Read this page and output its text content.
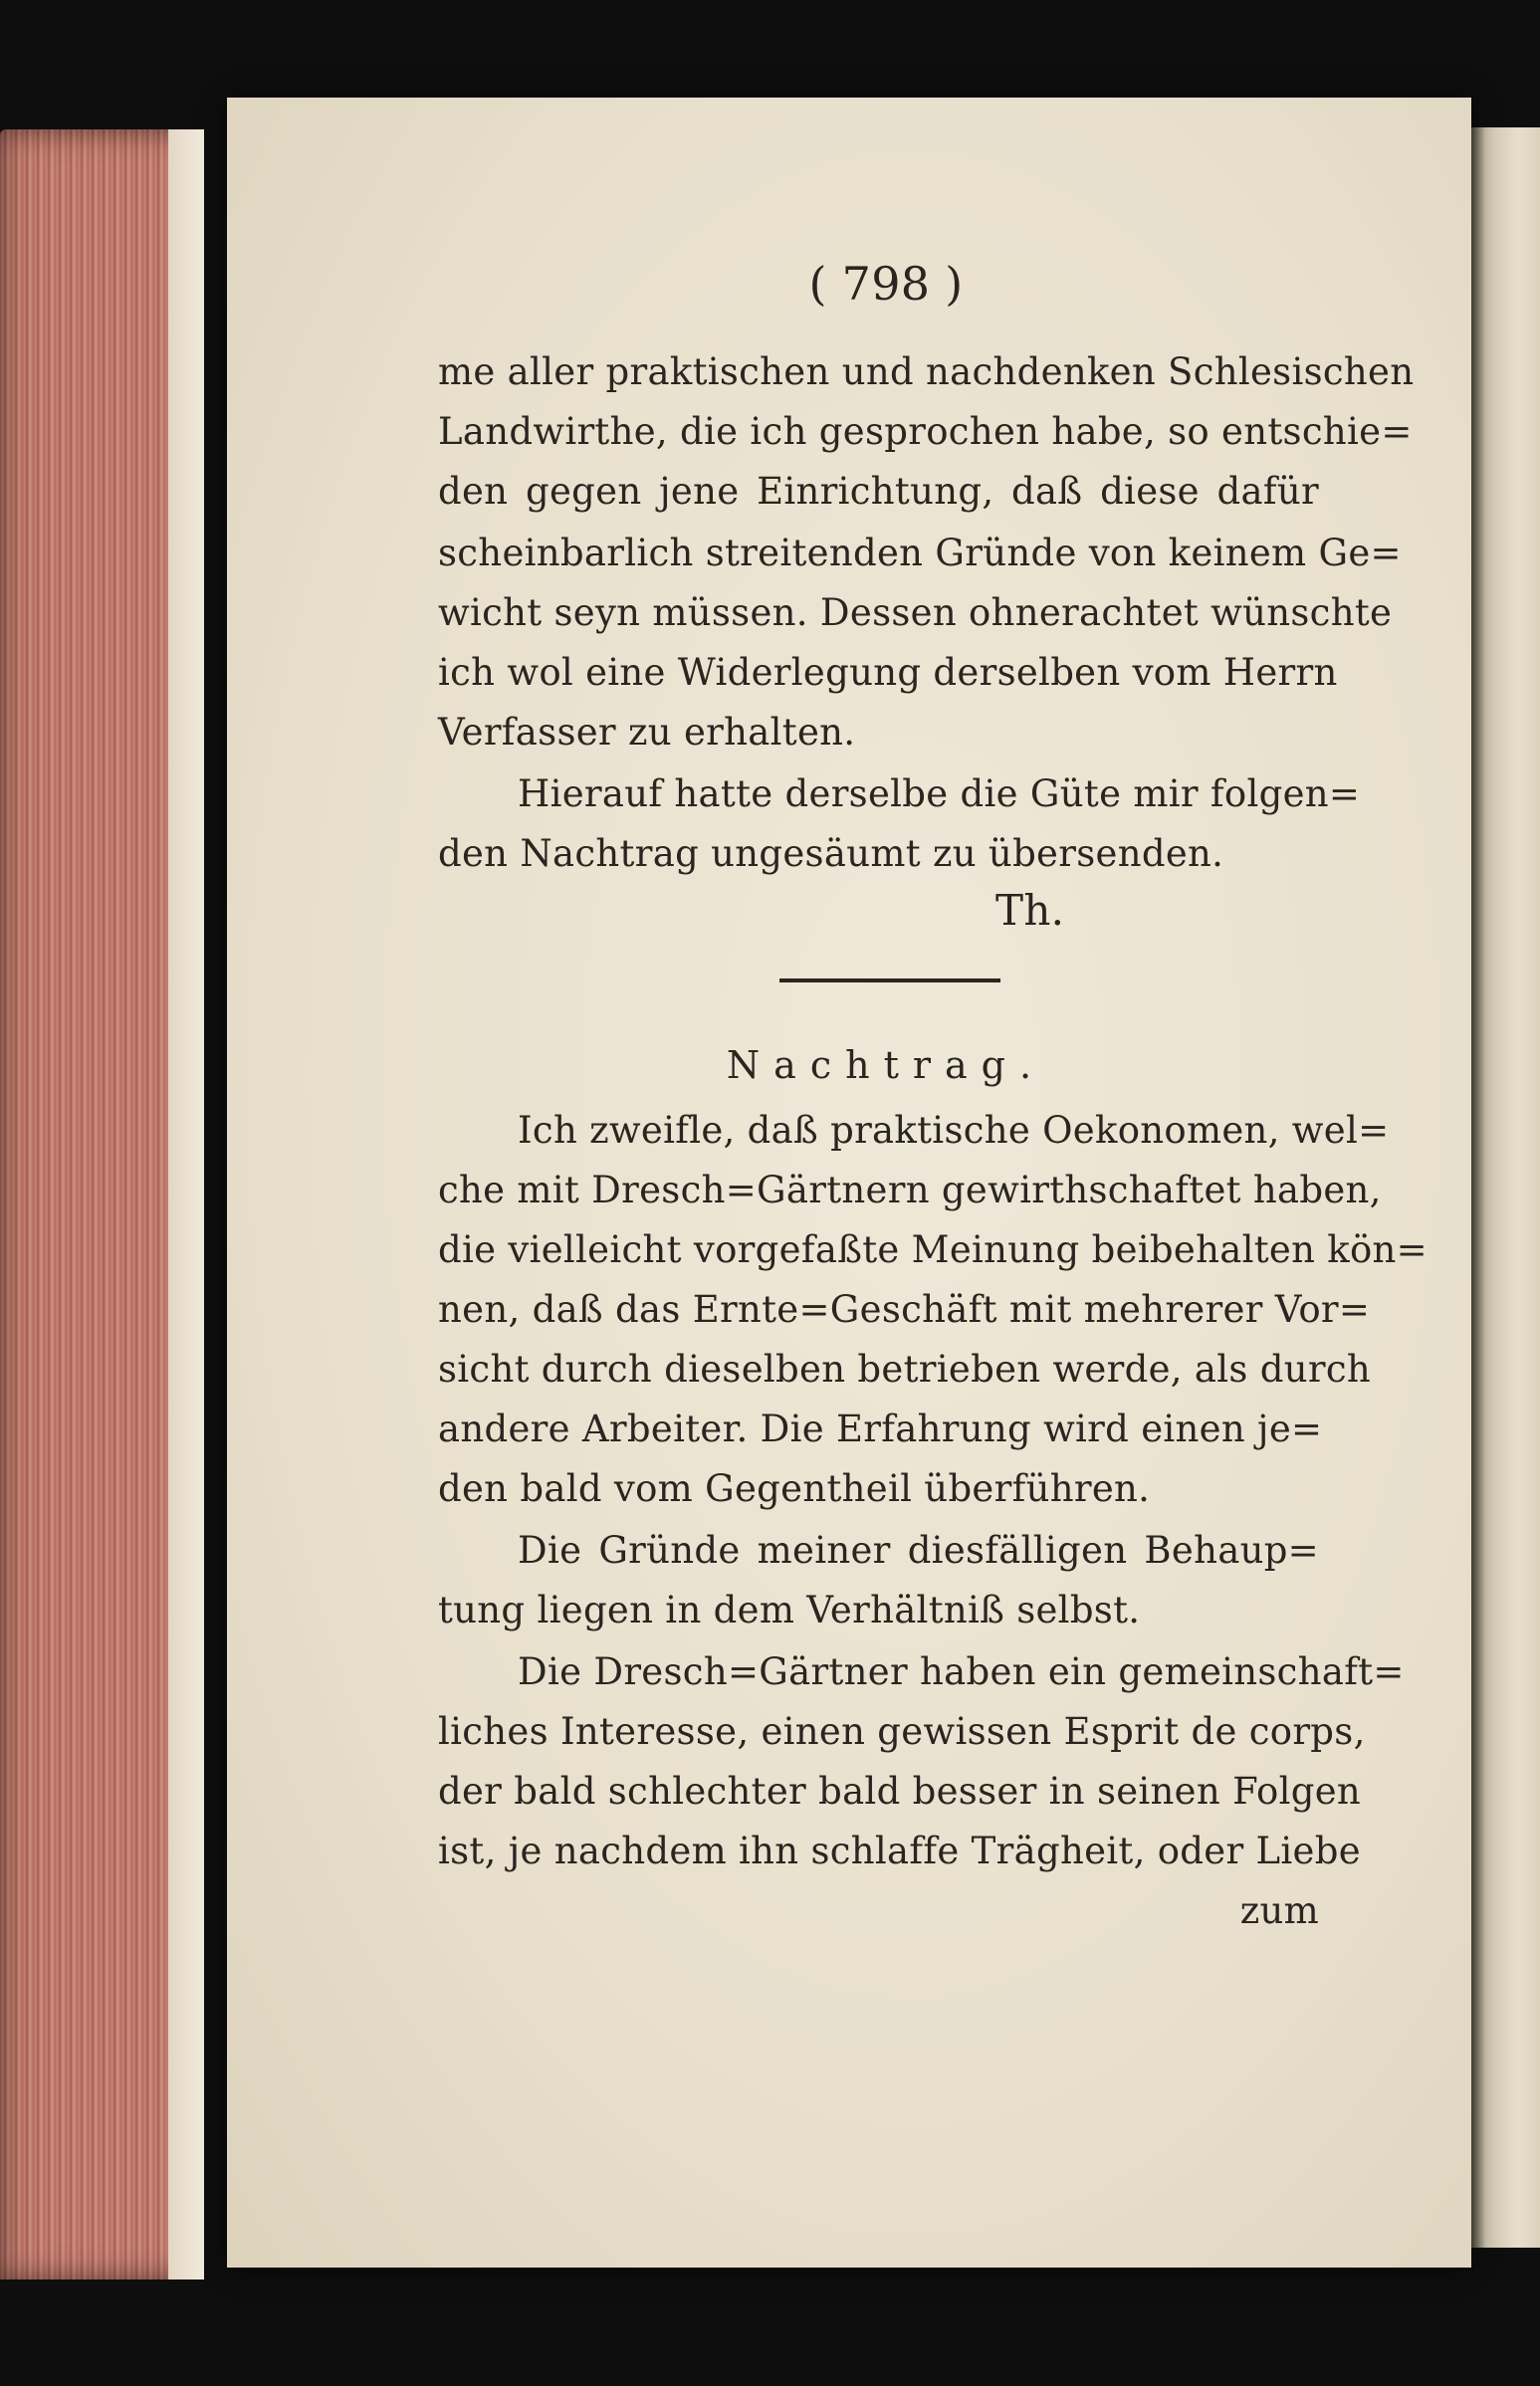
( 798 )
me aller praktischen und nachdenken Schlesischen
Landwirthe, die ich gesprochen habe, so entschie=
den gegen jene Einrichtung, daß diese dafür
scheinbarlich streitenden Gründe von keinem Ge=
wicht seyn müssen. Dessen ohnerachtet wünschte
ich wol eine Widerlegung derselben vom Herrn
Verfasser zu erhalten.
Hierauf hatte derselbe die Güte mir folgen=
den Nachtrag ungesäumt zu übersenden.
Th.
Nachtrag.
Ich zweifle, daß praktische Oekonomen, wel=
che mit Dresch=Gärtnern gewirthschaftet haben,
die vielleicht vorgefaßte Meinung beibehalten kön=
nen, daß das Ernte=Geschäft mit mehrerer Vor=
sicht durch dieselben betrieben werde, als durch
andere Arbeiter. Die Erfahrung wird einen je=
den bald vom Gegentheil überführen.
Die Gründe meiner diesfälligen Behaup=
tung liegen in dem Verhältniß selbst.
Die Dresch=Gärtner haben ein gemeinschaft=
liches Interesse, einen gewissen Esprit de corps,
der bald schlechter bald besser in seinen Folgen
ist, je nachdem ihn schlaffe Trägheit, oder Liebe
zum
